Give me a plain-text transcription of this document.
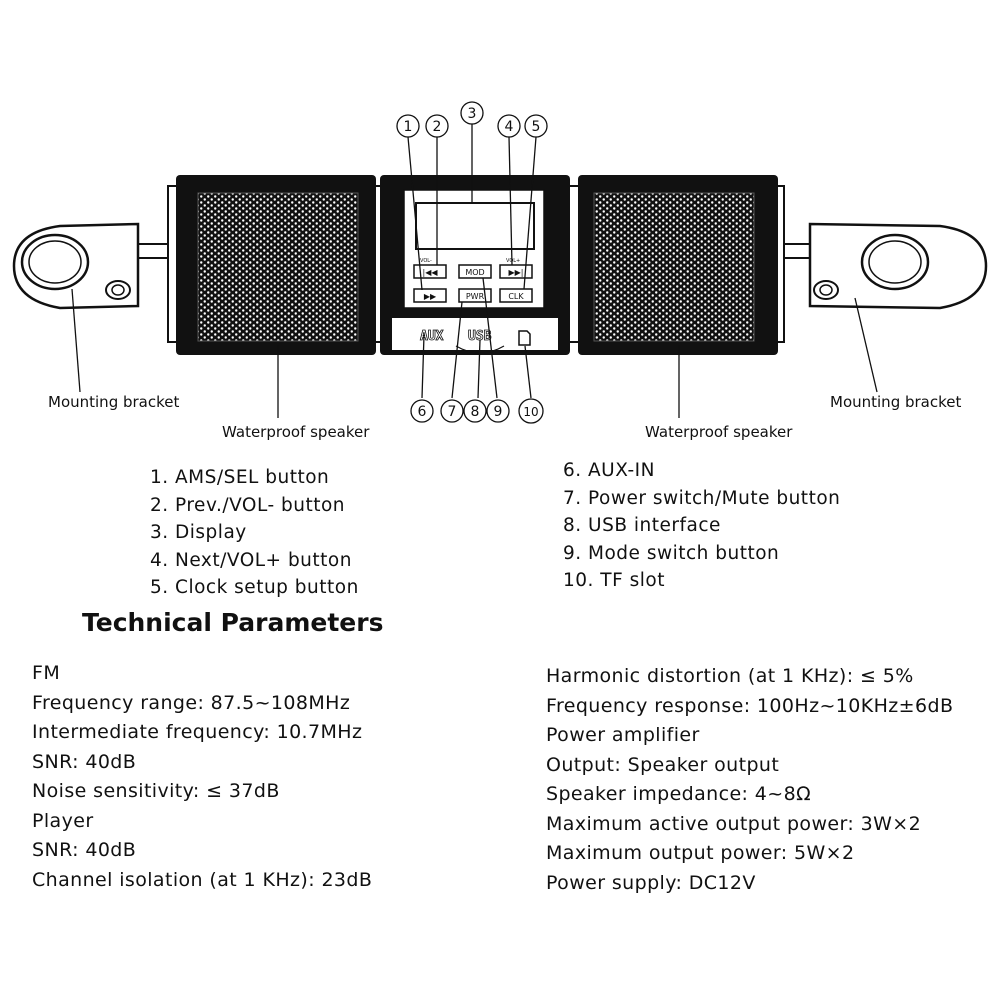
VOL-
|◀◀	MOD
VOL+
▶▶|
▶▶	PWR	CLK
AUX USB
1 2
3
4 5
6 7 8 9 10
Mounting bracket	Mounting bracket
Waterproof speaker	Waterproof speaker
1. AMS/SEL button
2. Prev./VOL- button
3. Display
4. Next/VOL+ button
5. Clock setup button
6. AUX-IN
7. Power switch/Mute button
8. USB interface
9. Mode switch button
10. TF slot
Technical Parameters
FM
Frequency range: 87.5~108MHz
Intermediate frequency: 10.7MHz
SNR: 40dB
Noise sensitivity: ≤ 37dB
Player
SNR: 40dB
Channel isolation (at 1 KHz): 23dB
Harmonic distortion (at 1 KHz): ≤ 5%
Frequency response: 100Hz~10KHz±6dB
Power amplifier
Output: Speaker output
Speaker impedance: 4~8Ω
Maximum active output power: 3W×2
Maximum output power: 5W×2
Power supply: DC12V
